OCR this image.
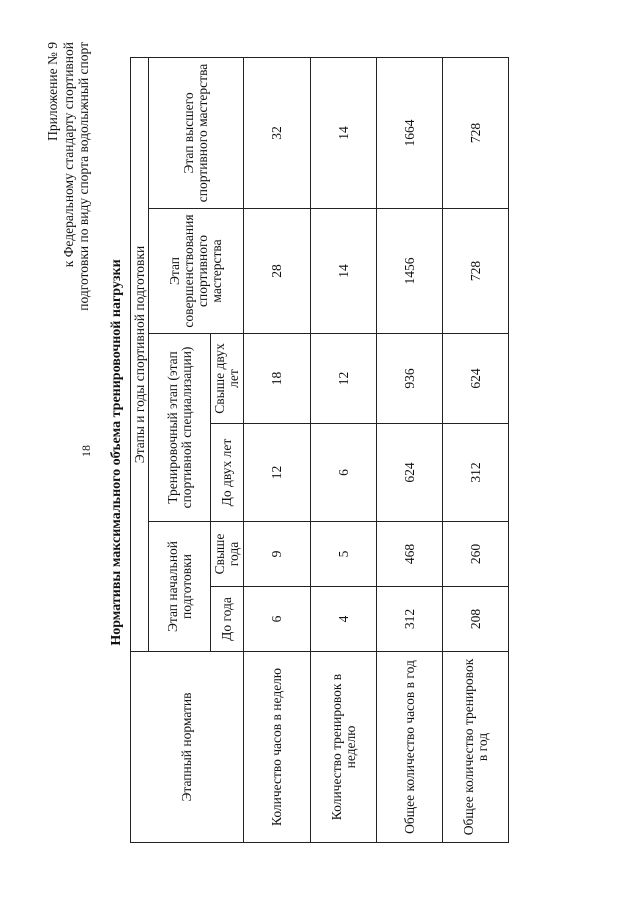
Приложение № 9 к Федеральному стандарту спортивной подготовки по виду спорта водолыжный спорт
18 Нормативы максимального объема тренировочной нагрузки
Этапный норматив	Этапы и годы спортивной подготовки					
	Этап начальной подготовки		Тренировочный этап (этап спортивной специализации)		Этап совершенствования спортивного мастерства	Этап высшего спортивного мастерства
	До года	Свыше года	До двух лет	Свыше двух лет		
Количество часов в неделю	6	9	12	18	28	32
Количество тренировок в неделю	4	5	6	12	14	14
Общее количество часов в год	312	468	624	936	1456	1664
Общее количество тренировок в год	208	260	312	624	728	728
